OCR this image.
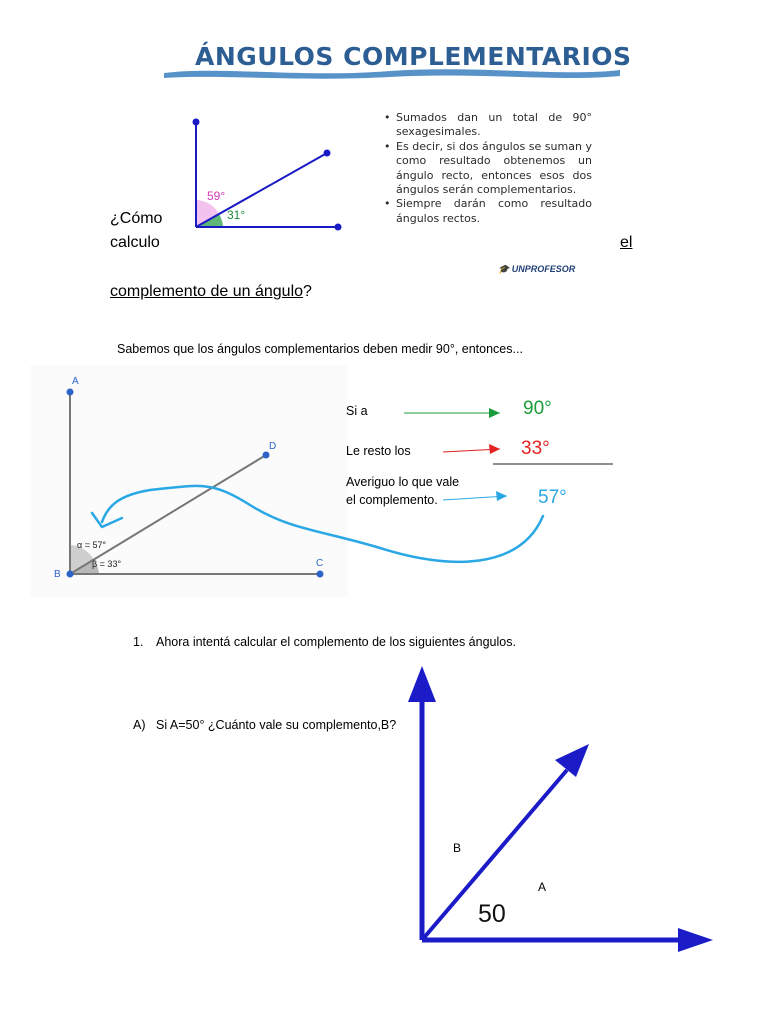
ÁNGULOS COMPLEMENTARIOS
59°
31°
• Sumados dan un total de 90° sexagesimales.
• Es decir, si dos ángulos se suman y como resultado obtenemos un ángulo recto, entonces esos dos ángulos serán complementarios.
• Siempre darán como resultado ángulos rectos.
🎓 UNPROFESOR
¿Cómo
calculo	el
complemento de un ángulo?
Sabemos que los ángulos complementarios deben medir 90°, entonces...
A
B
C
D
α = 57°
β = 33°
Si a
Le resto los
Averiguo lo que vale el complemento.
90°
33°
57°
1. Ahora intentá calcular el complemento de los siguientes ángulos.
A) Si A=50° ¿Cuánto vale su complemento,B?
B
A
50
